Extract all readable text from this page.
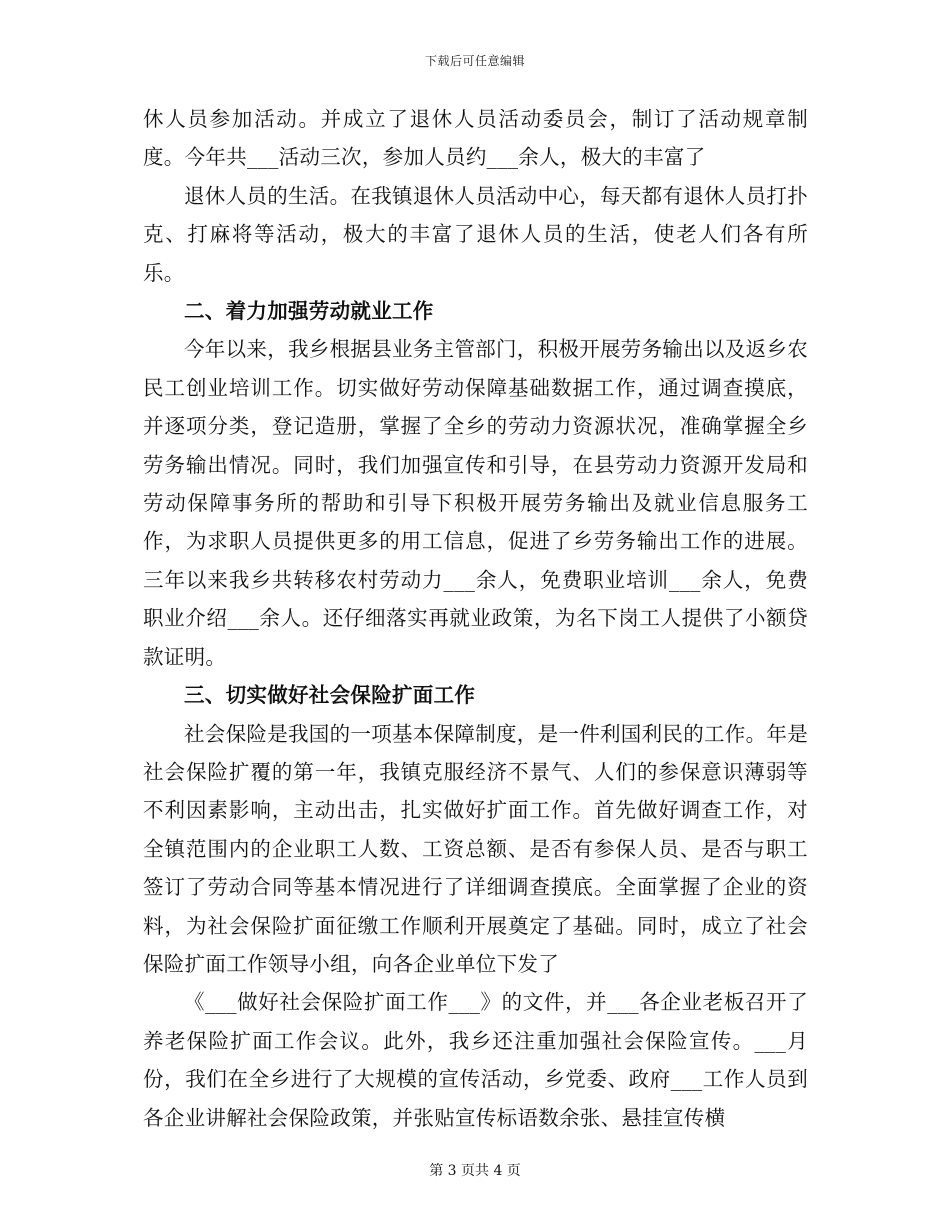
下载后可任意编辑

休人员参加活动。并成立了退休人员活动委员会，制订了活动规章制度。今年共___活动三次，参加人员约___余人，极大的丰富了

退休人员的生活。在我镇退休人员活动中心，每天都有退休人员打扑克、打麻将等活动，极大的丰富了退休人员的生活，使老人们各有所乐。

二、着力加强劳动就业工作

今年以来，我乡根据县业务主管部门，积极开展劳务输出以及返乡农民工创业培训工作。切实做好劳动保障基础数据工作，通过调查摸底，并逐项分类，登记造册，掌握了全乡的劳动力资源状况，准确掌握全乡劳务输出情况。同时，我们加强宣传和引导，在县劳动力资源开发局和劳动保障事务所的帮助和引导下积极开展劳务输出及就业信息服务工作，为求职人员提供更多的用工信息，促进了乡劳务输出工作的进展。三年以来我乡共转移农村劳动力___余人，免费职业培训___余人，免费职业介绍___余人。还仔细落实再就业政策，为名下岗工人提供了小额贷款证明。

三、切实做好社会保险扩面工作

社会保险是我国的一项基本保障制度，是一件利国利民的工作。年是社会保险扩覆的第一年，我镇克服经济不景气、人们的参保意识薄弱等不利因素影响，主动出击，扎实做好扩面工作。首先做好调查工作，对全镇范围内的企业职工人数、工资总额、是否有参保人员、是否与职工签订了劳动合同等基本情况进行了详细调查摸底。全面掌握了企业的资料，为社会保险扩面征缴工作顺利开展奠定了基础。同时，成立了社会保险扩面工作领导小组，向各企业单位下发了

《___做好社会保险扩面工作___》的文件，并___各企业老板召开了养老保险扩面工作会议。此外，我乡还注重加强社会保险宣传。___月份，我们在全乡进行了大规模的宣传活动，乡党委、政府___工作人员到各企业讲解社会保险政策，并张贴宣传标语数余张、悬挂宣传横

第 3 页共 4 页
